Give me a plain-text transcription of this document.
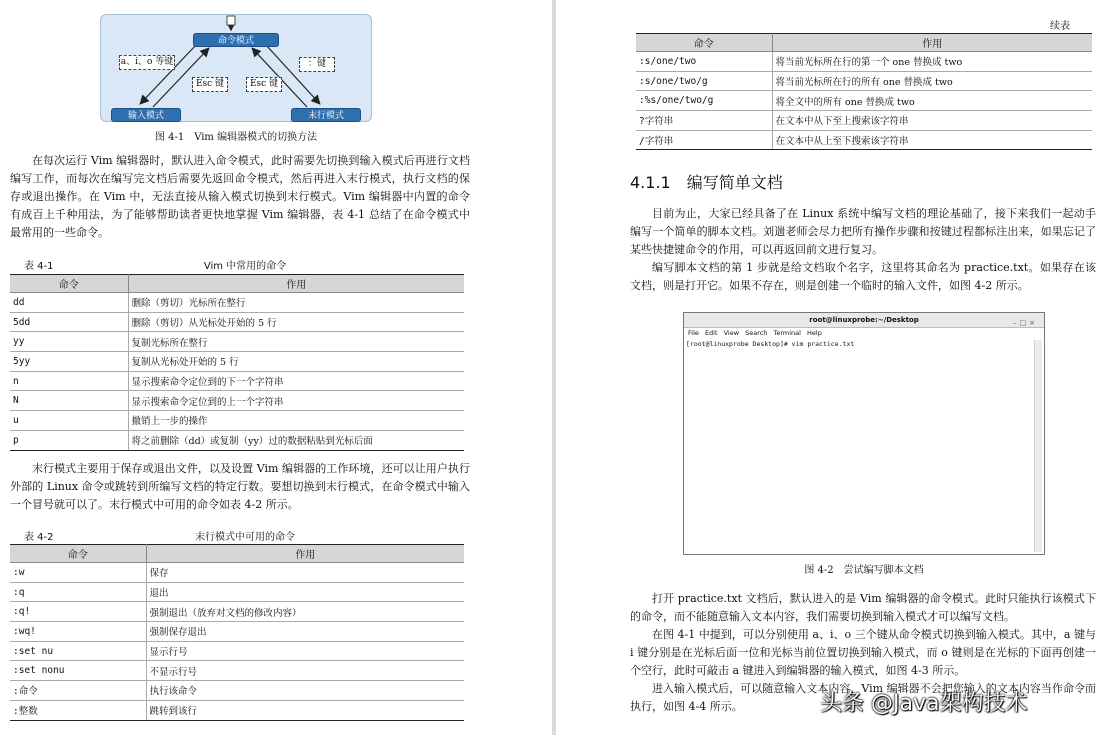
命令模式
输入模式	末行模式
a、i、o 等键	：键
Esc 键	Esc 键
图 4-1　Vim 编辑器模式的切换方法

在每次运行 Vim 编辑器时，默认进入命令模式，此时需要先切换到输入模式后再进行文档编写工作，而每次在编写完文档后需要先返回命令模式，然后再进入末行模式，执行文档的保存或退出操作。在 Vim 中，无法直接从输入模式切换到末行模式。Vim 编辑器中内置的命令有成百上千种用法，为了能够帮助读者更快地掌握 Vim 编辑器，表 4-1 总结了在命令模式中最常用的一些命令。

表 4-1	Vim 中常用的命令
命令	作用
dd	删除（剪切）光标所在整行
5dd	删除（剪切）从光标处开始的 5 行
yy	复制光标所在整行
5yy	复制从光标处开始的 5 行
n	显示搜索命令定位到的下一个字符串
N	显示搜索命令定位到的上一个字符串
u	撤销上一步的操作
p	将之前删除（dd）或复制（yy）过的数据粘贴到光标后面

末行模式主要用于保存或退出文件，以及设置 Vim 编辑器的工作环境，还可以让用户执行外部的 Linux 命令或跳转到所编写文档的特定行数。要想切换到末行模式，在命令模式中输入一个冒号就可以了。末行模式中可用的命令如表 4-2 所示。

表 4-2	末行模式中可用的命令
命令	作用
:w	保存
:q	退出
:q!	强制退出（放弃对文档的修改内容）
:wq!	强制保存退出
:set nu	显示行号
:set nonu	不显示行号
:命令	执行该命令
:整数	跳转到该行
续表
命令	作用
:s/one/two	将当前光标所在行的第一个 one 替换成 two
:s/one/two/g	将当前光标所在行的所有 one 替换成 two
:%s/one/two/g	将全文中的所有 one 替换成 two
?字符串	在文本中从下至上搜索该字符串
/字符串	在文本中从上至下搜索该字符串
4.1.1　编写简单文档

目前为止，大家已经具备了在 Linux 系统中编写文档的理论基础了，接下来我们一起动手编写一个简单的脚本文档。刘遄老师会尽力把所有操作步骤和按键过程都标注出来，如果忘记了某些快捷键命令的作用，可以再返回前文进行复习。

编写脚本文档的第 1 步就是给文档取个名字，这里将其命名为 practice.txt。如果存在该文档，则是打开它。如果不存在，则是创建一个临时的输入文件，如图 4-2 所示。

root@linuxprobe:~/Desktop	–□×
File Edit View Search Terminal Help
[root@linuxprobe Desktop]# vim practice.txt
图 4-2　尝试编写脚本文档

打开 practice.txt 文档后，默认进入的是 Vim 编辑器的命令模式。此时只能执行该模式下的命令，而不能随意输入文本内容，我们需要切换到输入模式才可以编写文档。

在图 4-1 中提到，可以分别使用 a、i、o 三个键从命令模式切换到输入模式。其中，a 键与 i 键分别是在光标后面一位和光标当前位置切换到输入模式，而 o 键则是在光标的下面再创建一个空行，此时可敲击 a 键进入到编辑器的输入模式，如图 4-3 所示。

进入输入模式后，可以随意输入文本内容，Vim 编辑器不会把您输入的文本内容当作命令而执行，如图 4-4 所示。	头条 @Java架构技术
